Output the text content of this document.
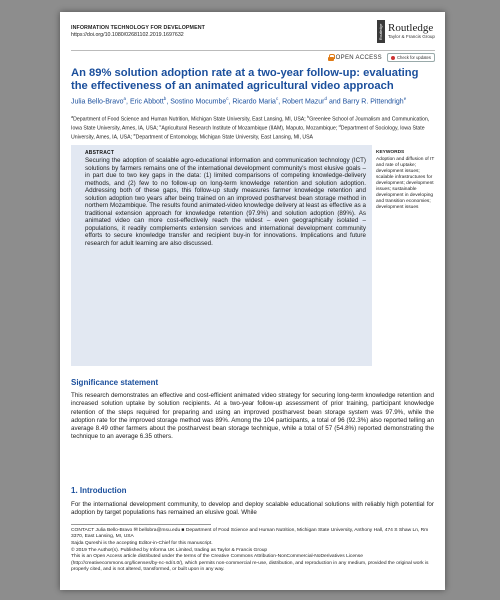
INFORMATION TECHNOLOGY FOR DEVELOPMENT
https://doi.org/10.1080/02681102.2019.1697632	Routledge Routledge
Taylor & Francis Group
OPEN ACCESS	Check for updates
An 89% solution adoption rate at a two-year follow-up: evaluating the effectiveness of an animated agricultural video approach
Julia Bello-Bravo$^a$, Eric Abbott$^b$, Sostino Mocumbe$^c$, Ricardo Maria$^c$, Robert Mazur$^d$ and Barry R. Pittendrigh$^e$
$^a$Department of Food Science and Human Nutrition, Michigan State University, East Lansing, MI, USA; $^b$Greenlee School of Journalism and Communication, Iowa State University, Ames, IA, USA; $^c$Agricultural Research Institute of Mozambique (IIAM), Maputo, Mozambique; $^d$Department of Sociology, Iowa State University, Ames, IA, USA; $^e$Department of Entomology, Michigan State University, East Lansing, MI, USA
ABSTRACT
Securing the adoption of scalable agro-educational information and communication technology (ICT) solutions by farmers remains one of the international development community's most elusive goals – in part due to two key gaps in the data: (1) limited comparisons of competing knowledge-delivery methods, and (2) few to no follow-up on long-term knowledge retention and solution adoption. Addressing both of these gaps, this follow-up study measures farmer knowledge retention and solution adoption two years after being trained on an improved postharvest bean storage method in northern Mozambique. The results found animated-video knowledge delivery at least as effective as a traditional extension approach for knowledge retention (97.9%) and solution adoption (89%). As animated video can more cost-effectively reach the widest – even geographically isolated – populations, it readily complements extension services and international development community efforts to secure knowledge transfer and recipient buy-in for innovations. Implications and future research for adult learning are also discussed.
KEYWORDS
Adoption and diffusion of IT and rate of uptake; development issues; scalable infrastructures for development; development issues; sustainable development in developing and transition economies; development issues
Significance statement
This research demonstrates an effective and cost-efficient animated video strategy for securing long-term knowledge retention and increased solution uptake by solution recipients. At a two-year follow-up assessment of prior training, participant knowledge retention of the steps required for preparing and using an improved postharvest bean storage system was 97.9%, while the adoption rate for the improved storage method was 89%. Among the 104 participants, a total of 96 (92.3%) also reported telling an average 8.49 other farmers about the postharvest bean storage technique, while a total of 57 (54.8%) reported demonstrating the technique to an average 6.35 others.
1. Introduction
For the international development community, to develop and deploy scalable educational solutions with reliably high potential for adoption by target populations has remained an elusive goal. While
CONTACT Julia Bello-Bravo ✉ bellobra@msu.edu ■ Department of Food Science and Human Nutrition, Michigan State University, Anthony Hall, 474 S Shaw Ln, Rm 3370, East Lansing, MI, USA
Sajda Qureshi is the accepting Editor-in-Chief for this manuscript.
© 2019 The Author(s). Published by Informa UK Limited, trading as Taylor & Francis Group
This is an Open Access article distributed under the terms of the Creative Commons Attribution-NonCommercial-NoDerivatives License (http://creativecommons.org/licenses/by-nc-nd/4.0/), which permits non-commercial re-use, distribution, and reproduction in any medium, provided the original work is properly cited, and is not altered, transformed, or built upon in any way.
